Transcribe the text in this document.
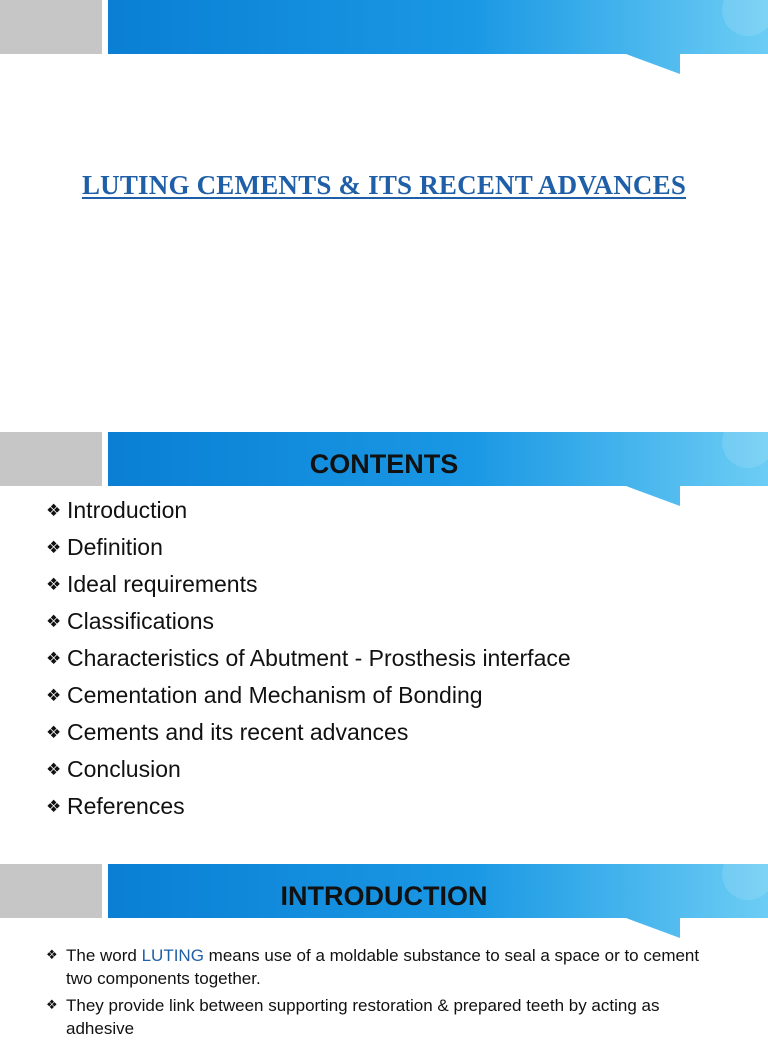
LUTING CEMENTS & ITS RECENT ADVANCES
CONTENTS
❖ Introduction
❖ Definition
❖ Ideal requirements
❖ Classifications
❖ Characteristics of Abutment - Prosthesis interface
❖ Cementation and Mechanism of Bonding
❖ Cements and its recent advances
❖ Conclusion
❖ References
INTRODUCTION
❖ The word LUTING means use of a moldable substance to seal a space or to cement two components together.
❖ They provide link between supporting restoration & prepared teeth by acting as adhesive
